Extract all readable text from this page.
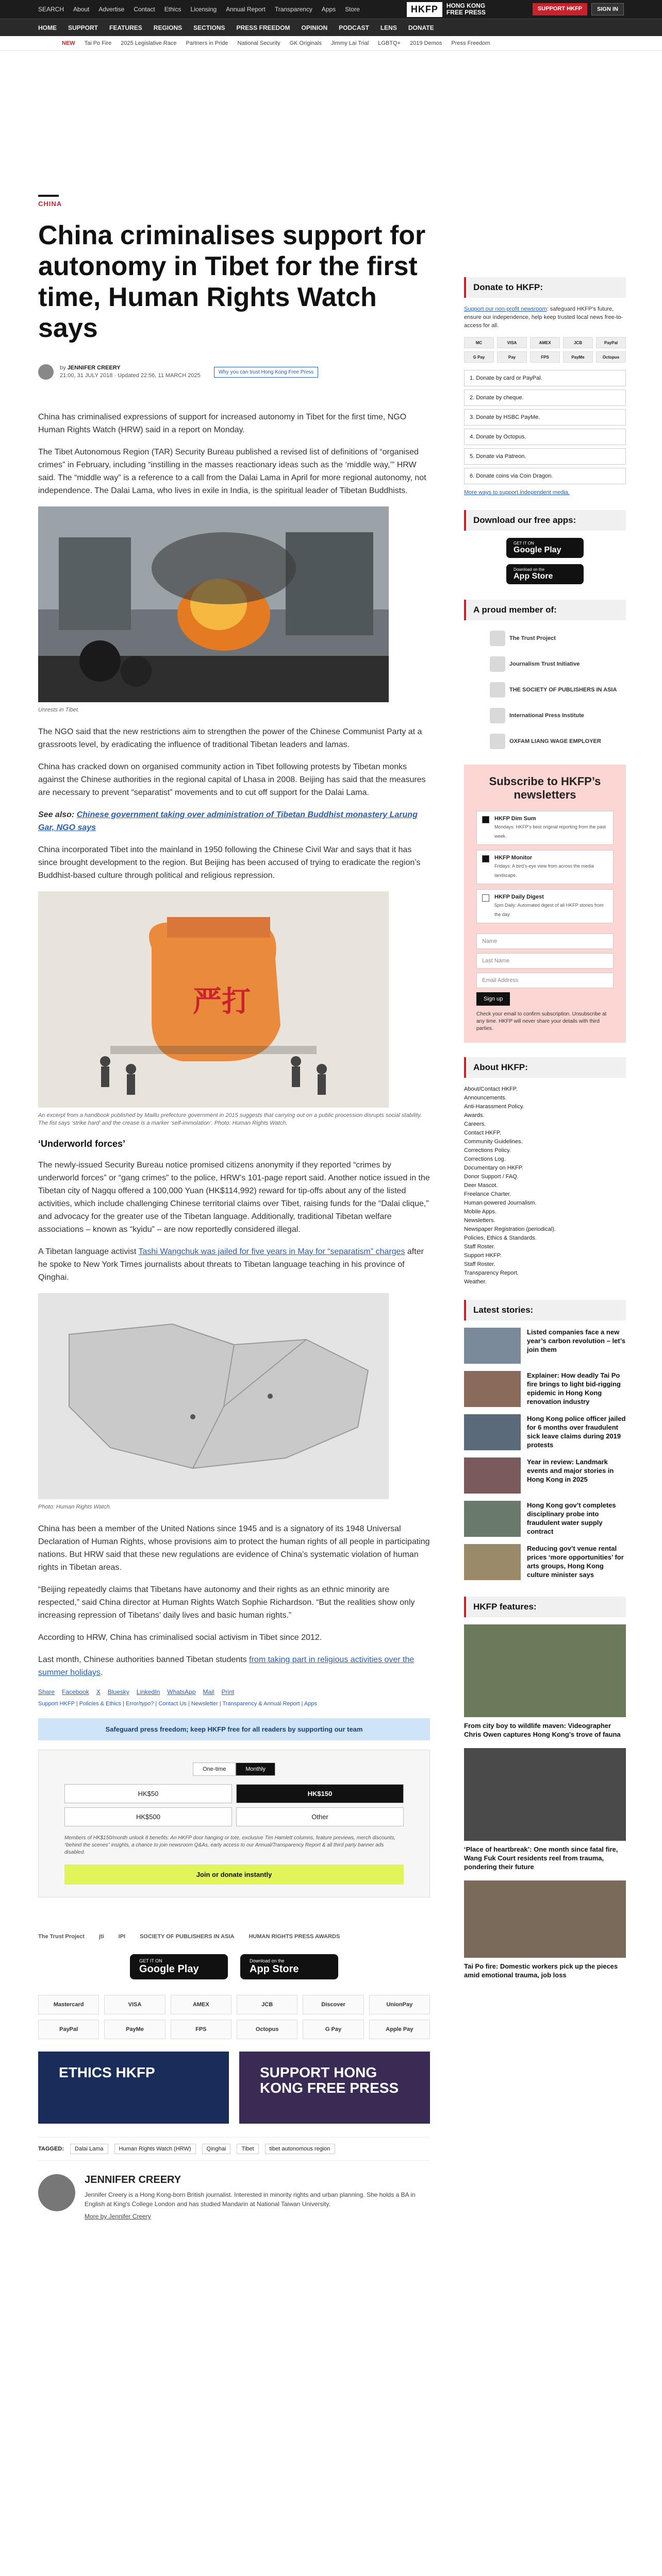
SEARCH About Advertise Contact Ethics Licensing Annual Report Transparency Apps Store	HKFP	HONG KONG
FREE PRESS	SUPPORT HKFP	SIGN IN
HOME SUPPORT FEATURES REGIONS SECTIONS PRESS FREEDOM OPINION PODCAST LENS DONATE
NEW Tai Po Fire 2025 Legislative Race Partners in Pride National Security GK Originals Jimmy Lai Trial LGBTQ+ 2019 Demos Press Freedom
CHINA
China criminalises support for autonomy in Tibet for the first time, Human Rights Watch says
by JENNIFER CREERY
21:00, 31 JULY 2018 · Updated 22:56, 11 MARCH 2025
Why you can trust Hong Kong Free Press

China has criminalised expressions of support for increased autonomy in Tibet for the first time, NGO Human Rights Watch (HRW) said in a report on Monday.

The Tibet Autonomous Region (TAR) Security Bureau published a revised list of definitions of “organised crimes” in February, including “instilling in the masses reactionary ideas such as the ‘middle way,’” HRW said. The “middle way” is a reference to a call from the Dalai Lama in April for more regional autonomy, not independence. The Dalai Lama, who lives in exile in India, is the spiritual leader of Tibetan Buddhists.

Unrests in Tibet.

The NGO said that the new restrictions aim to strengthen the power of the Chinese Communist Party at a grassroots level, by eradicating the influence of traditional Tibetan leaders and lamas.

China has cracked down on organised community action in Tibet following protests by Tibetan monks against the Chinese authorities in the regional capital of Lhasa in 2008. Beijing has said that the measures are necessary to prevent “separatist” movements and to cut off support for the Dalai Lama.

See also: Chinese government taking over administration of Tibetan Buddhist monastery Larung Gar, NGO says

China incorporated Tibet into the mainland in 1950 following the Chinese Civil War and says that it has since brought development to the region. But Beijing has been accused of trying to eradicate the region’s Buddhist-based culture through political and religious repression.

严打

An excerpt from a handbook published by Maillu prefecture government in 2015 suggests that carrying out on a public procession disrupts social stability. The fist says ‘strike hard’ and the crease is a marker ‘self-immolation’. Photo: Human Rights Watch.

‘Underworld forces’

The newly-issued Security Bureau notice promised citizens anonymity if they reported “crimes by underworld forces” or “gang crimes” to the police, HRW’s 101-page report said. Another notice issued in the Tibetan city of Nagqu offered a 100,000 Yuan (HK$114,992) reward for tip-offs about any of the listed activities, which include challenging Chinese territorial claims over Tibet, raising funds for the “Dalai clique,” and advocacy for the greater use of the Tibetan language. Additionally, traditional Tibetan welfare associations – known as “kyidu” – are now reportedly considered illegal.

A Tibetan language activist Tashi Wangchuk was jailed for five years in May for “separatism” charges after he spoke to New York Times journalists about threats to Tibetan language teaching in his province of Qinghai.

Photo: Human Rights Watch.

China has been a member of the United Nations since 1945 and is a signatory of its 1948 Universal Declaration of Human Rights, whose provisions aim to protect the human rights of all people in participating nations. But HRW said that these new regulations are evidence of China’s systematic violation of human rights in Tibetan areas.

“Beijing repeatedly claims that Tibetans have autonomy and their rights as an ethnic minority are respected,” said China director at Human Rights Watch Sophie Richardson. “But the realities show only increasing repression of Tibetans’ daily lives and basic human rights.”

According to HRW, China has criminalised social activism in Tibet since 2012.

Last month, Chinese authorities banned Tibetan students from taking part in religious activities over the summer holidays.

Share Facebook X Bluesky LinkedIn WhatsApp Mail Print
Support HKFP | Policies & Ethics | Error/typo? | Contact Us | Newsletter | Transparency & Annual Report | Apps
Safeguard press freedom; keep HKFP free for all readers by supporting our team
One-time	Monthly
HK$50	HK$150
HK$500	Other

Members of HK$150/month unlock 8 benefits: An HKFP door hanging or tote, exclusive Tim Hamlett columns, feature previews, merch discounts, “behind the scenes” insights, a chance to join newsroom Q&As, early access to our Annual/Transparency Report & all third party banner ads disabled.

Join or donate instantly
The Trust Project	jti	IPI	SOCIETY OF PUBLISHERS IN ASIA	HUMAN RIGHTS PRESS AWARDS
GET IT ON
Google Play
Download on the
App Store
Mastercard	VISA	AMEX	JCB	Discover	UnionPay
PayPal	PayMe	FPS	Octopus	G Pay	Apple Pay
ETHICS HKFP	SUPPORT HONG KONG FREE PRESS
TAGGED:	Dalai Lama	Human Rights Watch (HRW)	Qinghai	Tibet	tibet autonomous region
JENNIFER CREERY
Jennifer Creery is a Hong Kong-born British journalist. Interested in minority rights and urban planning. She holds a BA in English at King's College London and has studied Mandarin at National Taiwan University.
More by Jennifer Creery
Donate to HKFP:

Support our non-profit newsroom: safeguard HKFP’s future, ensure our independence, help keep trusted local news free-to-access for all.

MC	VISA	AMEX	JCB	PayPal
G Pay	Pay	FPS	PayMe	Octopus
1. Donate by card or PayPal.
2. Donate by cheque.
3. Donate by HSBC PayMe.
4. Donate by Octopus.
5. Donate via Patreon.
6. Donate coins via Coin Dragon.
More ways to support independent media.
Download our free apps:
GET IT ON
Google Play
Download on the
App Store
A proud member of:
The Trust Project
Journalism Trust Initiative
THE SOCIETY OF PUBLISHERS IN ASIA
International Press Institute
OXFAM LIANG WAGE EMPLOYER
Subscribe to HKFP’s newsletters
HKFP Dim Sum
Mondays: HKFP’s best original reporting from the past week.
HKFP Monitor
Fridays: A bird’s-eye view from across the media landscape.
HKFP Daily Digest
5pm Daily: Automated digest of all HKFP stories from the day.
Name
Last Name
Email Address
Sign up

Check your email to confirm subscription. Unsubscribe at any time. HKFP will never share your details with third parties.

About HKFP:
About/Contact HKFP.
Announcements.
Anti-Harassment Policy.
Awards.
Careers.
Contact HKFP.
Community Guidelines.
Corrections Policy.
Corrections Log.
Documentary on HKFP.
Donor Support / FAQ.
Deer Mascot.
Freelance Charter.
Human-powered Journalism.
Mobile Apps.
Newsletters.
Newspaper Registration (periodical).
Policies, Ethics & Standards.
Staff Roster.
Support HKFP.
Staff Roster.
Transparency Report.
Weather.
Latest stories:
Listed companies face a new year’s carbon revolution – let’s join them
Explainer: How deadly Tai Po fire brings to light bid-rigging epidemic in Hong Kong renovation industry
Hong Kong police officer jailed for 6 months over fraudulent sick leave claims during 2019 protests
Year in review: Landmark events and major stories in Hong Kong in 2025
Hong Kong gov’t completes disciplinary probe into fraudulent water supply contract
Reducing gov’t venue rental prices ‘more opportunities’ for arts groups, Hong Kong culture minister says
HKFP features:
From city boy to wildlife maven: Videographer Chris Owen captures Hong Kong’s trove of fauna
‘Place of heartbreak’: One month since fatal fire, Wang Fuk Court residents reel from trauma, pondering their future
Tai Po fire: Domestic workers pick up the pieces amid emotional trauma, job loss
